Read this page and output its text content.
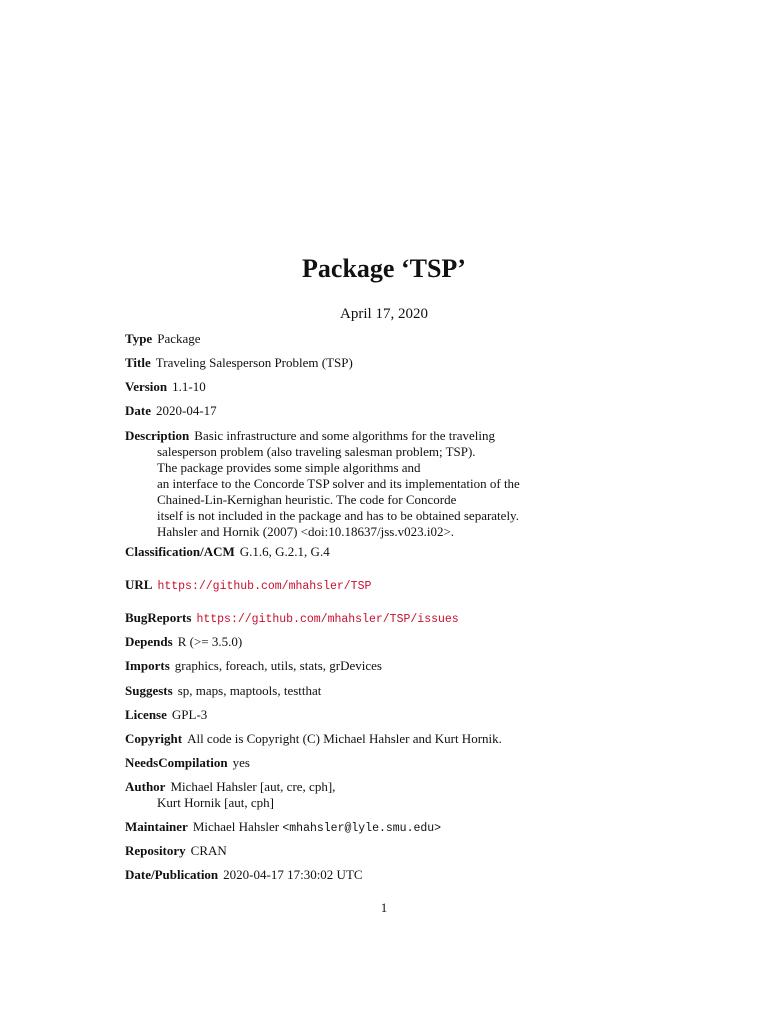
Package ‘TSP’
April 17, 2020
Type Package
Title Traveling Salesperson Problem (TSP)
Version 1.1-10
Date 2020-04-17
Description Basic infrastructure and some algorithms for the traveling
salesperson problem (also traveling salesman problem; TSP).
The package provides some simple algorithms and
an interface to the Concorde TSP solver and its implementation of the
Chained-Lin-Kernighan heuristic. The code for Concorde
itself is not included in the package and has to be obtained separately.
Hahsler and Hornik (2007) <doi:10.18637/jss.v023.i02>.
Classification/ACM G.1.6, G.2.1, G.4
URL https://github.com/mhahsler/TSP
BugReports https://github.com/mhahsler/TSP/issues
Depends R (>= 3.5.0)
Imports graphics, foreach, utils, stats, grDevices
Suggests sp, maps, maptools, testthat
License GPL-3
Copyright All code is Copyright (C) Michael Hahsler and Kurt Hornik.
NeedsCompilation yes
Author Michael Hahsler [aut, cre, cph],
Kurt Hornik [aut, cph]
Maintainer Michael Hahsler <mhahsler@lyle.smu.edu>
Repository CRAN
Date/Publication 2020-04-17 17:30:02 UTC
1
